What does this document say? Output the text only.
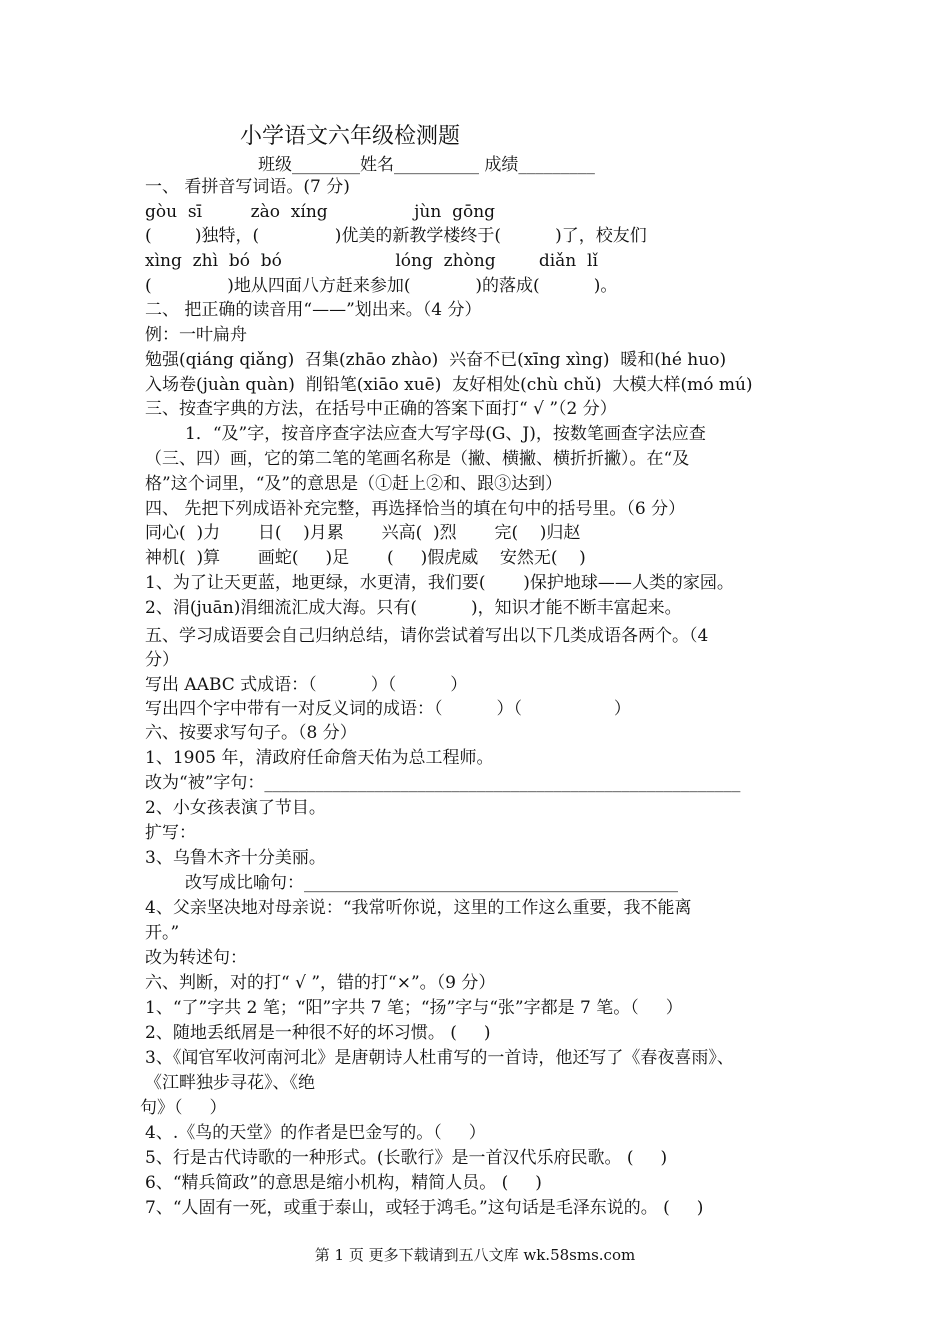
小学语文六年级检测题
班级________姓名__________ 成绩_________
一、 看拼音写词语。(7 分)
gòu  sī         zào  xíng                jùn  gōng
(        )独特，(              )优美的新教学楼终于(          )了，校友们
xìng  zhì  bó  bó                     lóng  zhòng        diǎn  lǐ
(              )地从四面八方赶来参加(            )的落成(          )。
二、 把正确的读音用“——”划出来。（4 分）
例：一叶扁舟
勉强(qiáng qiǎng)  召集(zhāo zhào)  兴奋不已(xīng xìng)  暖和(hé huo)
入场卷(juàn quàn)  削铅笔(xiāo xuē)  友好相处(chù chǔ)  大模大样(mó mú)
三、按查字典的方法，在括号中正确的答案下面打“ √ ”（2 分）
1．“及”字，按音序查字法应查大写字母(G、J)，按数笔画查字法应查
（三、四）画，它的第二笔的笔画名称是（撇、横撇、横折折撇）。在“及
格”这个词里，“及”的意思是（①赶上②和、跟③达到）
四、 先把下列成语补充完整，再选择恰当的填在句中的括号里。（6 分）
同心(  )力       日(    )月累       兴高(  )烈       完(    )归赵
神机(  )算       画蛇(     )足       (     )假虎威    安然无(    )
1、为了让天更蓝，地更绿，水更清，我们要(       )保护地球——人类的家园。
2、涓(juān)涓细流汇成大海。只有(          )，知识才能不断丰富起来。
五、学习成语要会自己归纳总结，请你尝试着写出以下几类成语各两个。（4
分）
写出 AABC 式成语：（          ）（          ）
写出四个字中带有一对反义词的成语：（          ）（                 ）
六、按要求写句子。（8 分）
1、1905 年，清政府任命詹天佑为总工程师。
改为“被”字句：________________________________________________________
2、小女孩表演了节目。
扩写：
3、乌鲁木齐十分美丽。
改写成比喻句：____________________________________________
4、父亲坚决地对母亲说：“我常听你说，这里的工作这么重要，我不能离
开。”
改为转述句：
六、判断，对的打“ √ ”，错的打“×”。（9 分）
1、“了”字共 2 笔；“阳”字共 7 笔；“扬”字与“张”字都是 7 笔。（     ）
2、随地丢纸屑是一种很不好的坏习惯。 (     )
3、《闻官军收河南河北》是唐朝诗人杜甫写的一首诗，他还写了《春夜喜雨》、
《江畔独步寻花》、《绝
句》（     ）
4、.《鸟的天堂》的作者是巴金写的。（     ）
5、行是古代诗歌的一种形式。(长歌行》是一首汉代乐府民歌。 (     )
6、“精兵简政”的意思是缩小机构，精简人员。 (     )
7、“人固有一死，或重于泰山，或轻于鸿毛。”这句话是毛泽东说的。 (     )
第 1 页 更多下载请到五八文库 wk.58sms.com
